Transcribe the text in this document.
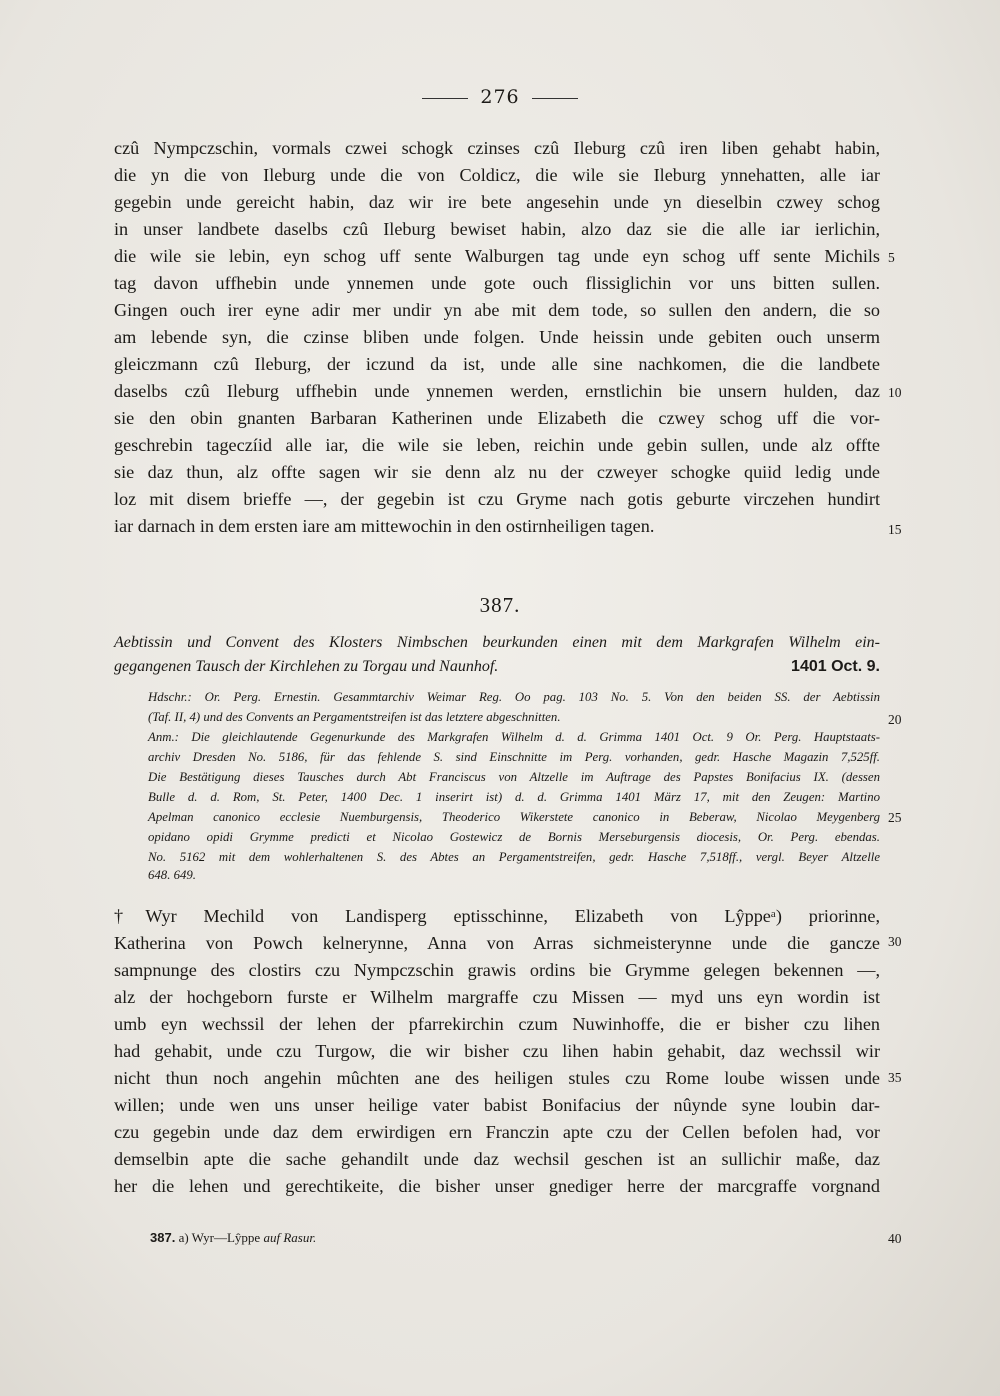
276
czû Nympczschin, vormals czwei schogk czinses czû Ileburg czû iren liben gehabt habin,
die yn die von Ileburg unde die von Coldicz, die wile sie Ileburg ynnehatten, alle iar
gegebin unde gereicht habin, daz wir ire bete angesehin unde yn dieselbin czwey schog
in unser landbete daselbs czû Ileburg bewiset habin, alzo daz sie die alle iar ierlichin,
die wile sie lebin, eyn schog uff sente Walburgen tag unde eyn schog uff sente Michils
tag davon uffhebin unde ynnemen unde gote ouch flissiglichin vor uns bitten sullen.
Gingen ouch irer eyne adir mer undir yn abe mit dem tode, so sullen den andern, die so
am lebende syn, die czinse bliben unde folgen. Unde heissin unde gebiten ouch unserm
gleiczmann czû Ileburg, der iczund da ist, unde alle sine nachkomen, die die landbete
daselbs czû Ileburg uffhebin unde ynnemen werden, ernstlichin bie unsern hulden, daz
sie den obin gnanten Barbaran Katherinen unde Elizabeth die czwey schog uff die vor-
geschrebin tageczíid alle iar, die wile sie leben, reichin unde gebin sullen, unde alz offte
sie daz thun, alz offte sagen wir sie denn alz nu der czweyer schogke quiid ledig unde
loz mit disem brieffe —, der gegebin ist czu Gryme nach gotis geburte virczehen hundirt
iar darnach in dem ersten iare am mittewochin in den ostirnheiligen tagen.
5
10
15
387.
Aebtissin und Convent des Klosters Nimbschen beurkunden einen mit dem Markgrafen Wilhelm ein-
gegangenen Tausch der Kirchlehen zu Torgau und Naunhof.	1401 Oct. 9.
Hdschr.: Or. Perg. Ernestin. Gesammtarchiv Weimar Reg. Oo pag. 103 No. 5. Von den beiden SS. der Aebtissin
(Taf. II, 4) und des Convents an Pergamentstreifen ist das letztere abgeschnitten.
Anm.: Die gleichlautende Gegenurkunde des Markgrafen Wilhelm d. d. Grimma 1401 Oct. 9 Or. Perg. Hauptstaats-
archiv Dresden No. 5186, für das fehlende S. sind Einschnitte im Perg. vorhanden, gedr. Hasche Magazin 7,525ff.
Die Bestätigung dieses Tausches durch Abt Franciscus von Altzelle im Auftrage des Papstes Bonifacius IX. (dessen
Bulle d. d. Rom, St. Peter, 1400 Dec. 1 inserirt ist) d. d. Grimma 1401 März 17, mit den Zeugen: Martino
Apelman canonico ecclesie Nuemburgensis, Theoderico Wikerstete canonico in Beberaw, Nicolao Meygenberg
opidano opidi Grymme predicti et Nicolao Gostewicz de Bornis Merseburgensis diocesis, Or. Perg. ebendas.
No. 5162 mit dem wohlerhaltenen S. des Abtes an Pergamentstreifen, gedr. Hasche 7,518ff., vergl. Beyer Altzelle
648. 649.
20
25
†Wyr Mechild von Landisperg eptisschinne, Elizabeth von Lŷppeᵃ) priorinne,
Katherina von Powch kelnerynne, Anna von Arras sichmeisterynne unde die gancze
sampnunge des clostirs czu Nympczschin grawis ordins bie Grymme gelegen bekennen —,
alz der hochgeborn furste er Wilhelm margraffe czu Missen — myd uns eyn wordin ist
umb eyn wechssil der lehen der pfarrekirchin czum Nuwinhoffe, die er bisher czu lihen
had gehabit, unde czu Turgow, die wir bisher czu lihen habin gehabit, daz wechssil wir
nicht thun noch angehin mûchten ane des heiligen stules czu Rome loube wissen unde
willen; unde wen uns unser heilige vater babist Bonifacius der nûynde syne loubin dar-
czu gegebin unde daz dem erwirdigen ern Franczin apte czu der Cellen befolen had, vor
demselbin apte die sache gehandilt unde daz wechsil geschen ist an sullichir maße, daz
her die lehen und gerechtikeite, die bisher unser gnediger herre der marcgraffe vorgnand
30
35
387. a) Wyr—Lŷppe auf Rasur.	40
